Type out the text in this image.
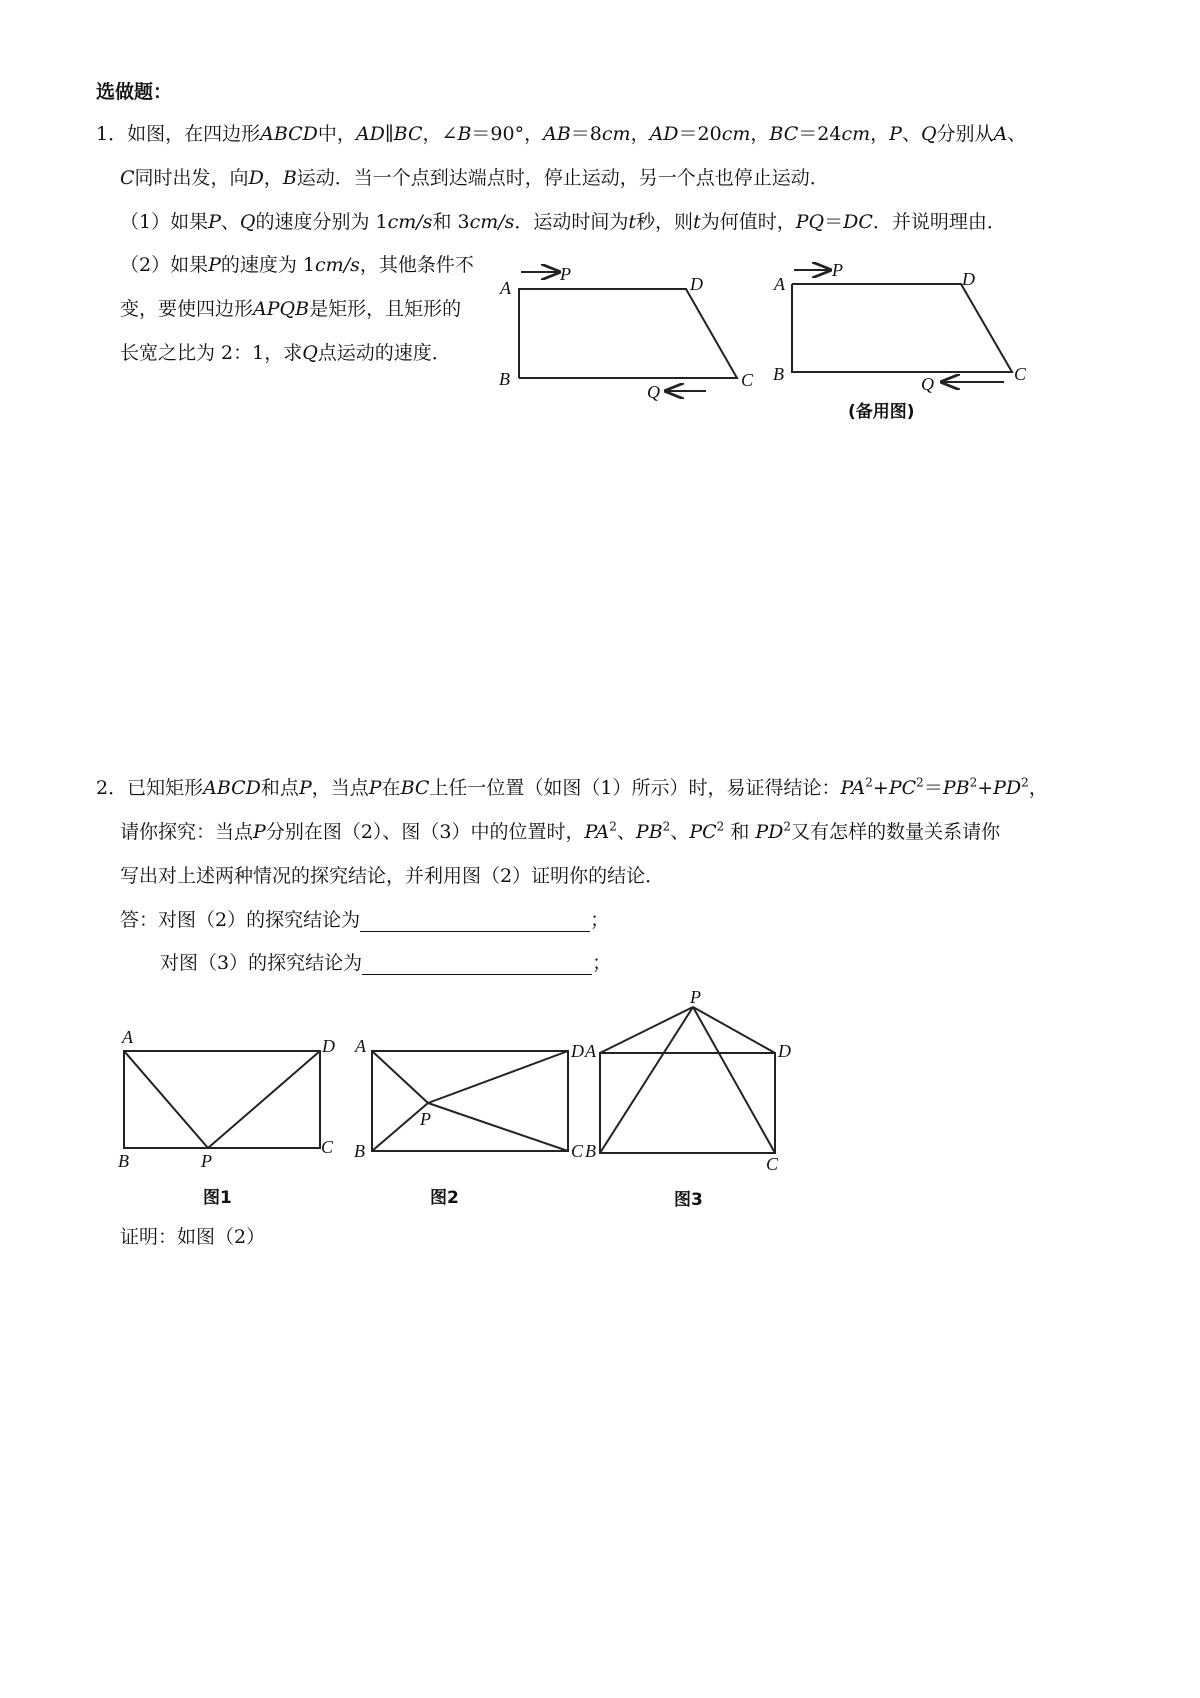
选做题：
1．如图，在四边形ABCD中，AD∥BC，∠B＝90°，AB＝8cm，AD＝20cm，BC＝24cm，P、Q分别从A、
C同时出发，向D，B运动．当一个点到达端点时，停止运动，另一个点也停止运动．
（1）如果P、Q的速度分别为 1cm/s和 3cm/s．运动时间为t秒，则t为何值时，PQ＝DC．并说明理由．
（2）如果P的速度为 1cm/s，其他条件不
变，要使四边形APQB是矩形，且矩形的
长宽之比为 2：1，求Q点运动的速度．
A
P	D
B	C
Q
A
P	D
B	C
Q
(备用图)
2．已知矩形ABCD和点P，当点P在BC上任一位置（如图（1）所示）时，易证得结论：$PA^2+PC^2=PB^2+PD^2$，
请你探究：当点P分别在图（2）、图（3）中的位置时，$PA^2$、$PB^2$、$PC^2$ 和 $PD^2$又有怎样的数量关系请你
写出对上述两种情况的探究结论，并利用图（2）证明你的结论．
答：对图（2）的探究结论为	；
对图（3）的探究结论为	；
A	D
C
B	P
图1
A	D
P
B	C
图2
P
A	D
B
C
图3
证明：如图（2）
